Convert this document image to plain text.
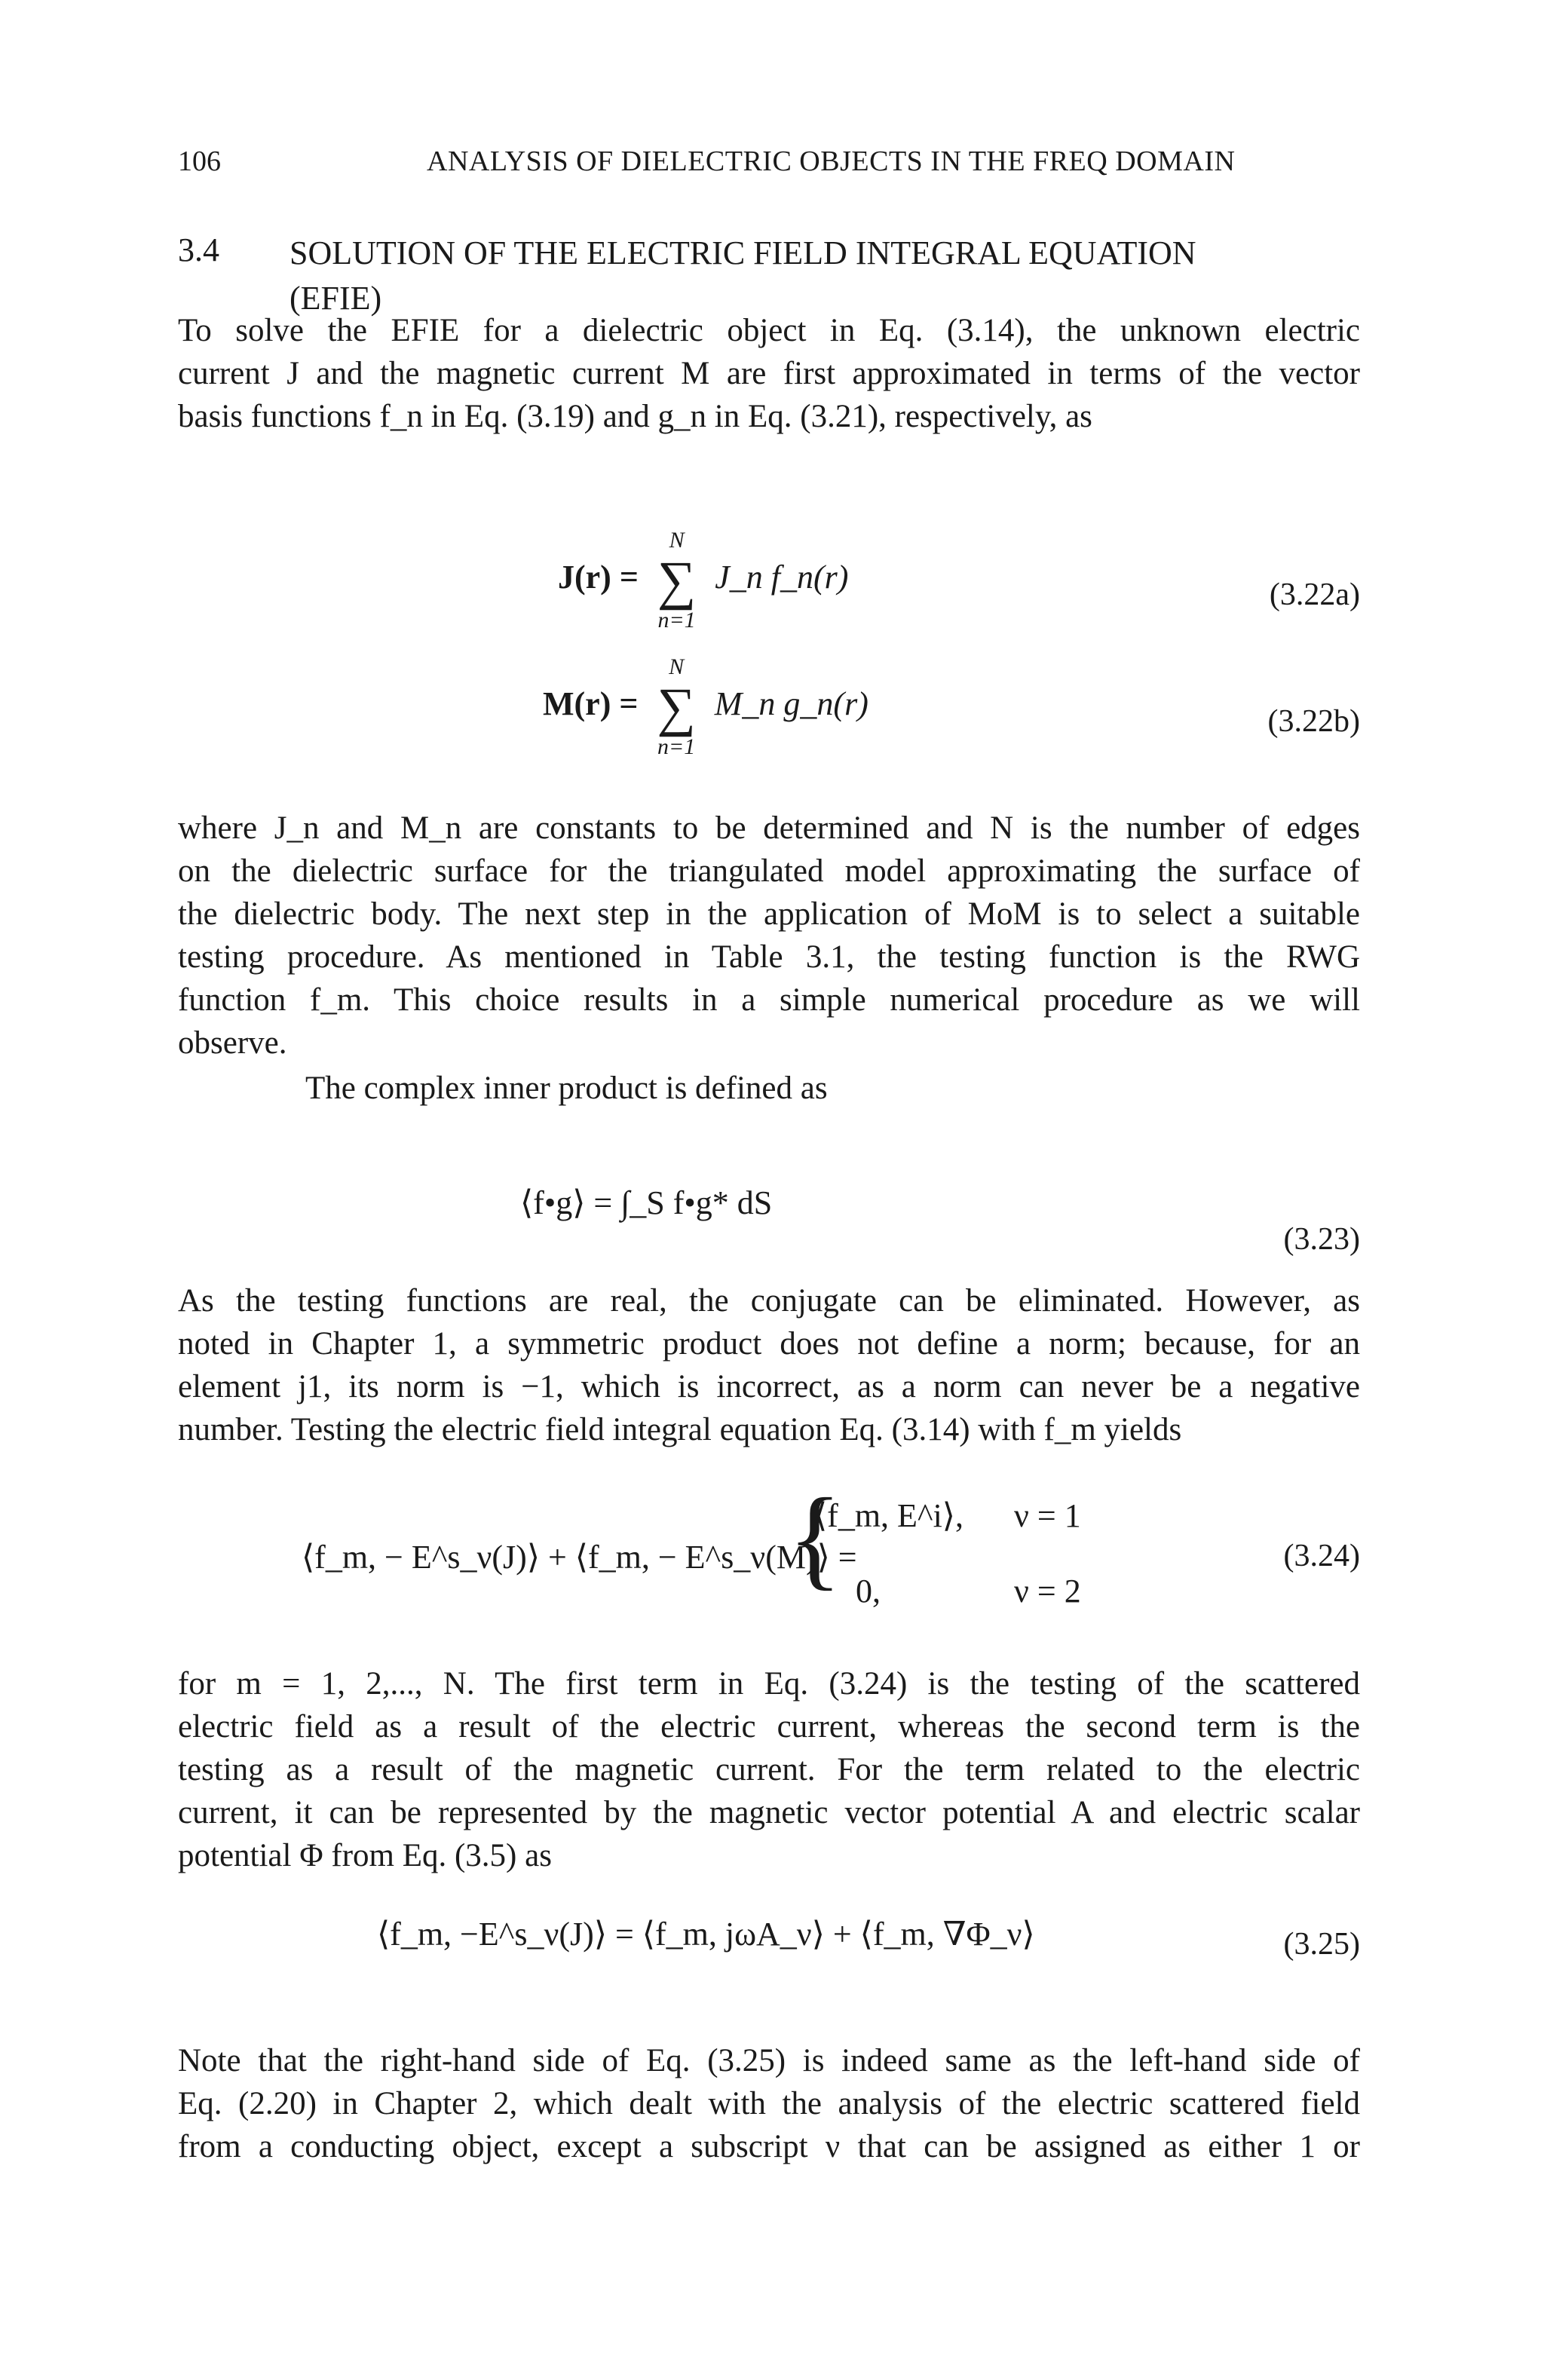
106	ANALYSIS OF DIELECTRIC OBJECTS IN THE FREQ DOMAIN
3.4 SOLUTION OF THE ELECTRIC FIELD INTEGRAL EQUATION
(EFIE)
To solve the EFIE for a dielectric object in Eq. (3.14), the unknown electric
current J and the magnetic current M are first approximated in terms of the vector
basis functions f_n in Eq. (3.19) and g_n in Eq. (3.21), respectively, as
J(r) =
N
∑
n=1
J_n f_n(r)	(3.22a)
M(r) =
N
∑
n=1
M_n g_n(r)	(3.22b)
where J_n and M_n are constants to be determined and N is the number of edges
on the dielectric surface for the triangulated model approximating the surface of
the dielectric body. The next step in the application of MoM is to select a suitable
testing procedure. As mentioned in Table 3.1, the testing function is the RWG
function f_m. This choice results in a simple numerical procedure as we will
observe.
The complex inner product is defined as
⟨f•g⟩ = ∫_S f•g* dS
(3.23)
As the testing functions are real, the conjugate can be eliminated. However, as
noted in Chapter 1, a symmetric product does not define a norm; because, for an
element j1, its norm is −1, which is incorrect, as a norm can never be a negative
number. Testing the electric field integral equation Eq. (3.14) with f_m yields
⟨f_m, − E^s_ν(J)⟩ + ⟨f_m, − E^s_ν(M)⟩ =
{
⟨f_m, E^i⟩, ν = 1
0,	ν = 2
(3.24)
for m = 1, 2,..., N. The first term in Eq. (3.24) is the testing of the scattered
electric field as a result of the electric current, whereas the second term is the
testing as a result of the magnetic current. For the term related to the electric
current, it can be represented by the magnetic vector potential A and electric scalar
potential Φ from Eq. (3.5) as
⟨f_m, −E^s_ν(J)⟩ = ⟨f_m, jωA_ν⟩ + ⟨f_m, ∇Φ_ν⟩	(3.25)
Note that the right-hand side of Eq. (3.25) is indeed same as the left-hand side of
Eq. (2.20) in Chapter 2, which dealt with the analysis of the electric scattered field
from a conducting object, except a subscript ν that can be assigned as either 1 or
